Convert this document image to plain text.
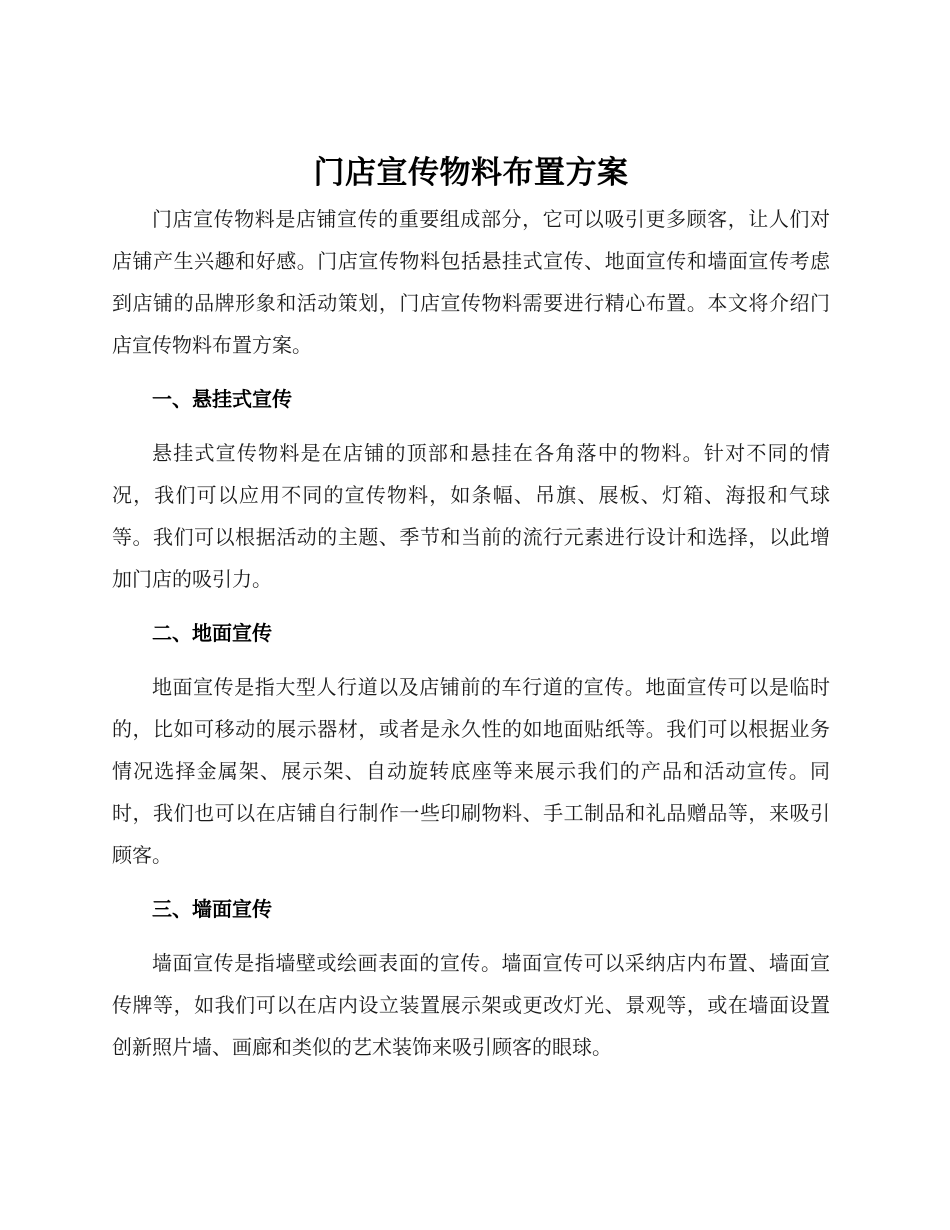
门店宣传物料布置方案

门店宣传物料是店铺宣传的重要组成部分，它可以吸引更多顾客，让人们对店铺产生兴趣和好感。门店宣传物料包括悬挂式宣传、地面宣传和墙面宣传考虑到店铺的品牌形象和活动策划，门店宣传物料需要进行精心布置。本文将介绍门店宣传物料布置方案。

一、悬挂式宣传

悬挂式宣传物料是在店铺的顶部和悬挂在各角落中的物料。针对不同的情况，我们可以应用不同的宣传物料，如条幅、吊旗、展板、灯箱、海报和气球等。我们可以根据活动的主题、季节和当前的流行元素进行设计和选择，以此增加门店的吸引力。

二、地面宣传

地面宣传是指大型人行道以及店铺前的车行道的宣传。地面宣传可以是临时的，比如可移动的展示器材，或者是永久性的如地面贴纸等。我们可以根据业务情况选择金属架、展示架、自动旋转底座等来展示我们的产品和活动宣传。同时，我们也可以在店铺自行制作一些印刷物料、手工制品和礼品赠品等，来吸引顾客。

三、墙面宣传

墙面宣传是指墙壁或绘画表面的宣传。墙面宣传可以采纳店内布置、墙面宣传牌等，如我们可以在店内设立装置展示架或更改灯光、景观等，或在墙面设置创新照片墙、画廊和类似的艺术装饰来吸引顾客的眼球。
